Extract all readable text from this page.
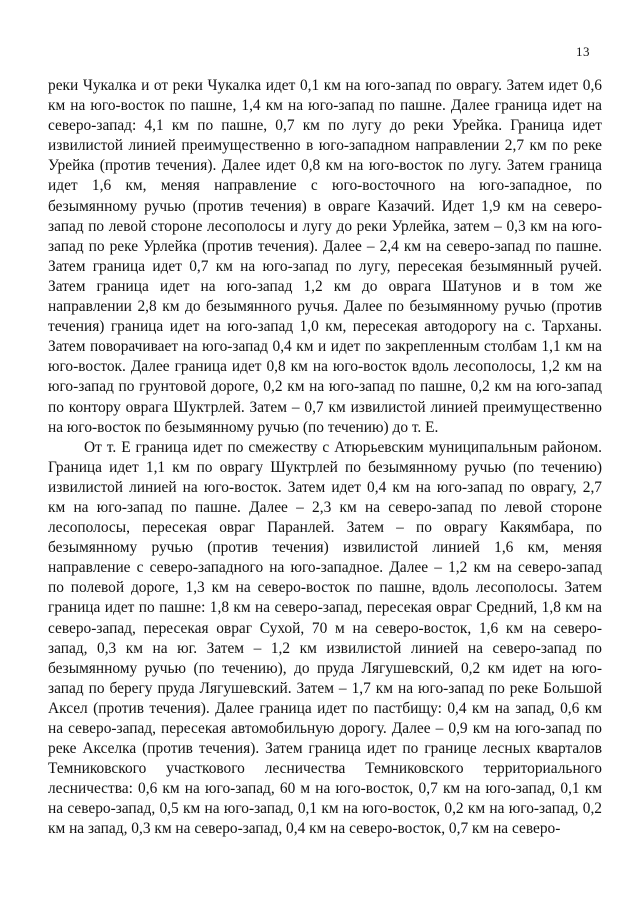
13
реки Чукалка и от реки Чукалка идет 0,1 км на юго-запад по оврагу. Затем идет 0,6
км на юго-восток по пашне, 1,4 км на юго-запад по пашне. Далее граница идет на
северо-запад: 4,1 км по пашне, 0,7 км по лугу до реки Урейка. Граница идет
извилистой линией преимущественно в юго-западном направлении 2,7 км по реке
Урейка (против течения). Далее идет 0,8 км на юго-восток по лугу. Затем граница
идет 1,6 км, меняя направление с юго-восточного на юго-западное, по
безымянному ручью (против течения) в овраге Казачий. Идет 1,9 км на северо-
запад по левой стороне лесополосы и лугу до реки Урлейка, затем – 0,3 км на юго-
запад по реке Урлейка (против течения). Далее – 2,4 км на северо-запад по пашне.
Затем граница идет 0,7 км на юго-запад по лугу, пересекая безымянный ручей.
Затем граница идет на юго-запад 1,2 км до оврага Шатунов и в том же
направлении 2,8 км до безымянного ручья. Далее по безымянному ручью (против
течения) граница идет на юго-запад 1,0 км, пересекая автодорогу на с. Тарханы.
Затем поворачивает на юго-запад 0,4 км и идет по закрепленным столбам 1,1 км на
юго-восток. Далее граница идет 0,8 км на юго-восток вдоль лесополосы, 1,2 км на
юго-запад по грунтовой дороге, 0,2 км на юго-запад по пашне, 0,2 км на юго-запад
по контору оврага Шуктрлей. Затем – 0,7 км извилистой линией преимущественно
на юго-восток по безымянному ручью (по течению) до т. Е.
От т. Е граница идет по смежеству с Атюрьевским муниципальным районом.
Граница идет 1,1 км по оврагу Шуктрлей по безымянному ручью (по течению)
извилистой линией на юго-восток. Затем идет 0,4 км на юго-запад по оврагу, 2,7
км на юго-запад по пашне. Далее – 2,3 км на северо-запад по левой стороне
лесополосы, пересекая овраг Паранлей. Затем – по оврагу Какямбара, по
безымянному ручью (против течения) извилистой линией 1,6 км, меняя
направление с северо-западного на юго-западное. Далее – 1,2 км на северо-запад
по полевой дороге, 1,3 км на северо-восток по пашне, вдоль лесополосы. Затем
граница идет по пашне: 1,8 км на северо-запад, пересекая овраг Средний, 1,8 км на
северо-запад, пересекая овраг Сухой, 70 м на северо-восток, 1,6 км на северо-
запад, 0,3 км на юг. Затем – 1,2 км извилистой линией на северо-запад по
безымянному ручью (по течению), до пруда Лягушевский, 0,2 км идет на юго-
запад по берегу пруда Лягушевский. Затем – 1,7 км на юго-запад по реке Большой
Аксел (против течения). Далее граница идет по пастбищу: 0,4 км на запад, 0,6 км
на северо-запад, пересекая автомобильную дорогу. Далее – 0,9 км на юго-запад по
реке Акселка (против течения). Затем граница идет по границе лесных кварталов
Темниковского участкового лесничества Темниковского территориального
лесничества: 0,6 км на юго-запад, 60 м на юго-восток, 0,7 км на юго-запад, 0,1 км
на северо-запад, 0,5 км на юго-запад, 0,1 км на юго-восток, 0,2 км на юго-запад, 0,2
км на запад, 0,3 км на северо-запад, 0,4 км на северо-восток, 0,7 км на северо-
